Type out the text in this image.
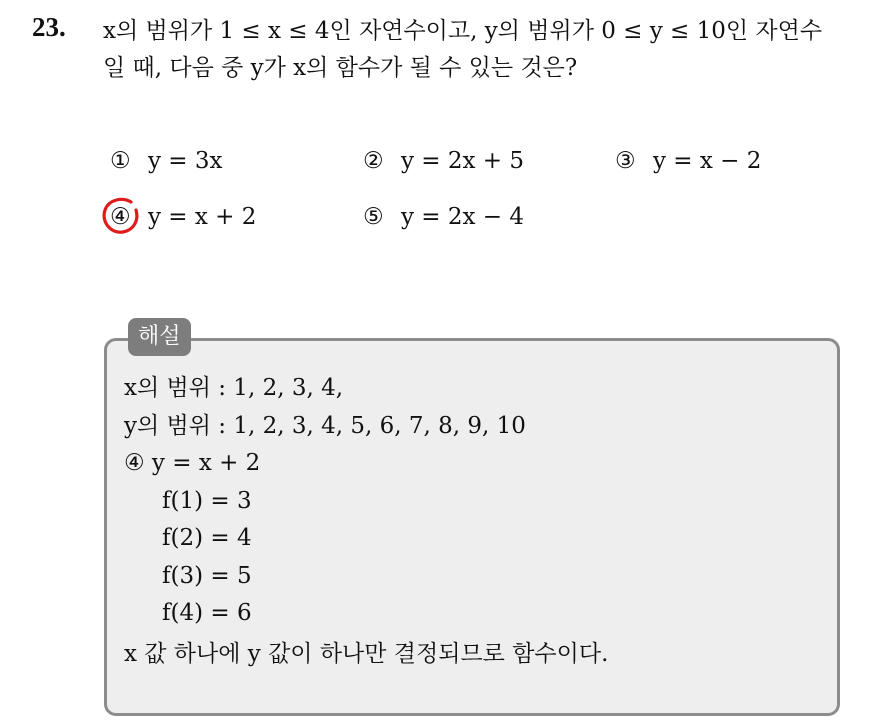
23. x의 범위가 1 ≤ x ≤ 4인 자연수이고, y의 범위가 0 ≤ y ≤ 10인 자연수
일 때, 다음 중 y가 x의 함수가 될 수 있는 것은?
① y = 3x	② y = 2x + 5	③ y = x − 2
④ y = x + 2	⑤ y = 2x − 4
해설
x의 범위 : 1, 2, 3, 4,
y의 범위 : 1, 2, 3, 4, 5, 6, 7, 8, 9, 10
④ y = x + 2
f(1) = 3
f(2) = 4
f(3) = 5
f(4) = 6
x 값 하나에 y 값이 하나만 결정되므로 함수이다.
